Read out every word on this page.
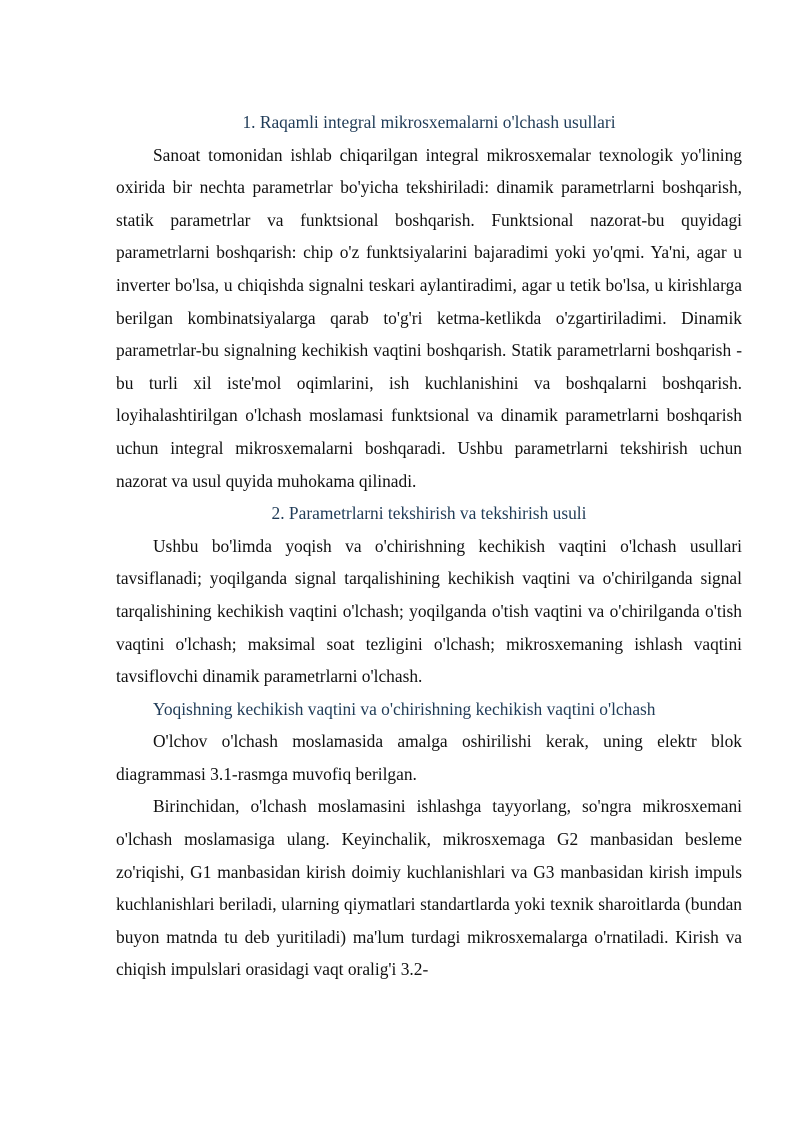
1. Raqamli integral mikrosxemalarni o'lchash usullari

Sanoat tomonidan ishlab chiqarilgan integral mikrosxemalar texnologik yo'lining oxirida bir nechta parametrlar bo'yicha tekshiriladi: dinamik parametrlarni boshqarish, statik parametrlar va funktsional boshqarish. Funktsional nazorat-bu quyidagi parametrlarni boshqarish: chip o'z funktsiyalarini bajaradimi yoki yo'qmi. Ya'ni, agar u inverter bo'lsa, u chiqishda signalni teskari aylantiradimi, agar u tetik bo'lsa, u kirishlarga berilgan kombinatsiyalarga qarab to'g'ri ketma-ketlikda o'zgartiriladimi. Dinamik parametrlar-bu signalning kechikish vaqtini boshqarish. Statik parametrlarni boshqarish - bu turli xil iste'mol oqimlarini, ish kuchlanishini va boshqalarni boshqarish. loyihalashtirilgan o'lchash moslamasi funktsional va dinamik parametrlarni boshqarish uchun integral mikrosxemalarni boshqaradi. Ushbu parametrlarni tekshirish uchun nazorat va usul quyida muhokama qilinadi.

2. Parametrlarni tekshirish va tekshirish usuli

Ushbu bo'limda yoqish va o'chirishning kechikish vaqtini o'lchash usullari tavsiflanadi; yoqilganda signal tarqalishining kechikish vaqtini va o'chirilganda signal tarqalishining kechikish vaqtini o'lchash; yoqilganda o'tish vaqtini va o'chirilganda o'tish vaqtini o'lchash; maksimal soat tezligini o'lchash; mikrosxemaning ishlash vaqtini tavsiflovchi dinamik parametrlarni o'lchash.

Yoqishning kechikish vaqtini va o'chirishning kechikish vaqtini o'lchash

O'lchov o'lchash moslamasida amalga oshirilishi kerak, uning elektr blok diagrammasi 3.1-rasmga muvofiq berilgan.

Birinchidan, o'lchash moslamasini ishlashga tayyorlang, so'ngra mikrosxemani o'lchash moslamasiga ulang. Keyinchalik, mikrosxemaga G2 manbasidan besleme zo'riqishi, G1 manbasidan kirish doimiy kuchlanishlari va G3 manbasidan kirish impuls kuchlanishlari beriladi, ularning qiymatlari standartlarda yoki texnik sharoitlarda (bundan buyon matnda tu deb yuritiladi) ma'lum turdagi mikrosxemalarga o'rnatiladi. Kirish va chiqish impulslari orasidagi vaqt oralig'i 3.2-
